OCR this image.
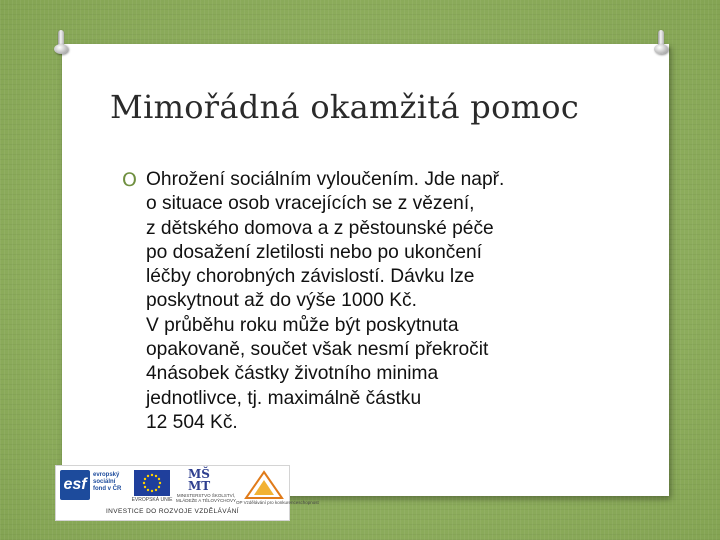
Mimořádná okamžitá pomoc
O Ohrožení sociálním vyloučením. Jde např.
o situace osob vracejících se z vězení,
z dětského domova a z pěstounské péče
po dosažení zletilosti nebo po ukončení
léčby chorobných závislostí. Dávku lze
poskytnout až do výše 1000 Kč.
V průběhu roku může být poskytnuta
opakovaně, součet však nesmí překročit
4násobek částky životního minima
jednotlivce, tj. maximálně částku
12 504 Kč.
esf
evropský
sociální
fond v ČR
EVROPSKÁ UNIE
MŠ
MT
MINISTERSTVO ŠKOLSTVÍ,
MLÁDEŽE A TĚLOVÝCHOVY OP Vzdělávání pro konkurenceschopnost
INVESTICE DO ROZVOJE VZDĚLÁVÁNÍ
